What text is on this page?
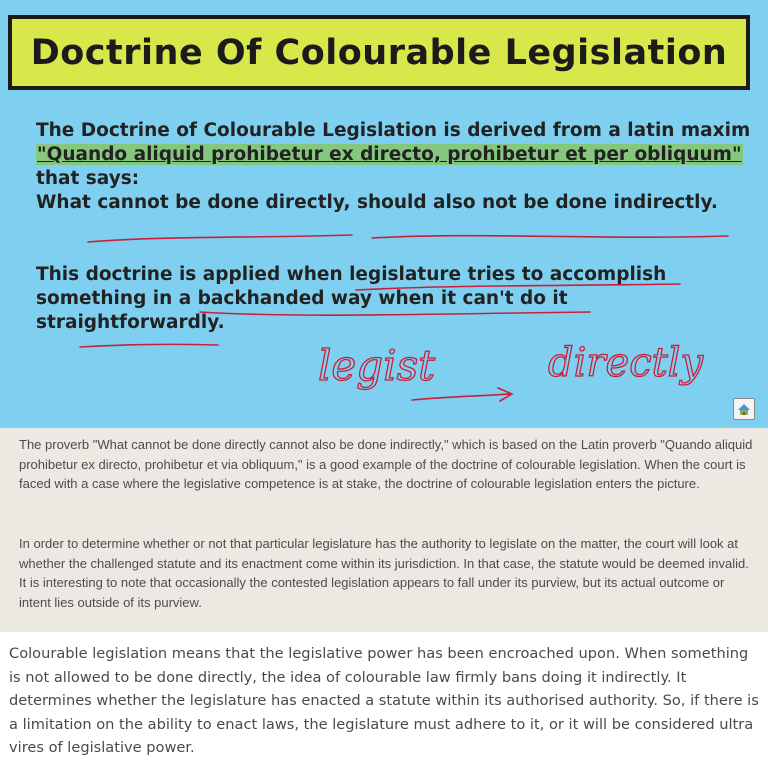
Doctrine Of Colourable Legislation
The Doctrine of Colourable Legislation is derived from a latin maxim
"Quando aliquid prohibetur ex directo, prohibetur et per obliquum" that says:
What cannot be done directly, should also not be done indirectly.
This doctrine is applied when legislature tries to accomplish something in a backhanded way when it can't do it straightforwardly.
legist	directly

The proverb "What cannot be done directly cannot also be done indirectly," which is based on the Latin proverb "Quando aliquid prohibetur ex directo, prohibetur et via obliquum," is a good example of the doctrine of colourable legislation. When the court is faced with a case where the legislative competence is at stake, the doctrine of colourable legislation enters the picture.

In order to determine whether or not that particular legislature has the authority to legislate on the matter, the court will look at whether the challenged statute and its enactment come within its jurisdiction. In that case, the statute would be deemed invalid. It is interesting to note that occasionally the contested legislation appears to fall under its purview, but its actual outcome or intent lies outside of its purview.

Colourable legislation means that the legislative power has been encroached upon. When something is not allowed to be done directly, the idea of colourable law firmly bans doing it indirectly. It determines whether the legislature has enacted a statute within its authorised authority. So, if there is a limitation on the ability to enact laws, the legislature must adhere to it, or it will be considered ultra vires of legislative power.
